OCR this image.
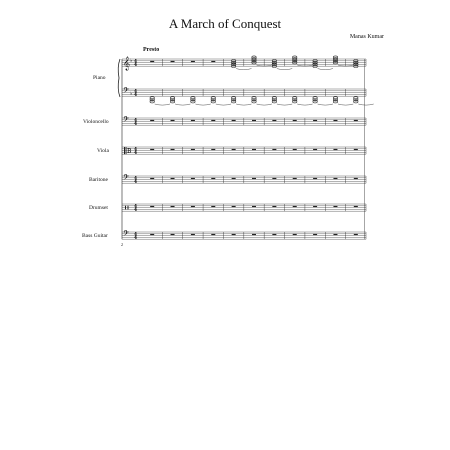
A March of Conquest
Manas Kumar
Presto
Piano
Violoncello
Viola
Baritone
Drumset
Bass Guitar
2
𝄞 ♭ 4
4
𝄢 ♭ 4
4
𝄢 4
4
B 4
4
𝄢 4
4
4
4
𝄢 4
4
